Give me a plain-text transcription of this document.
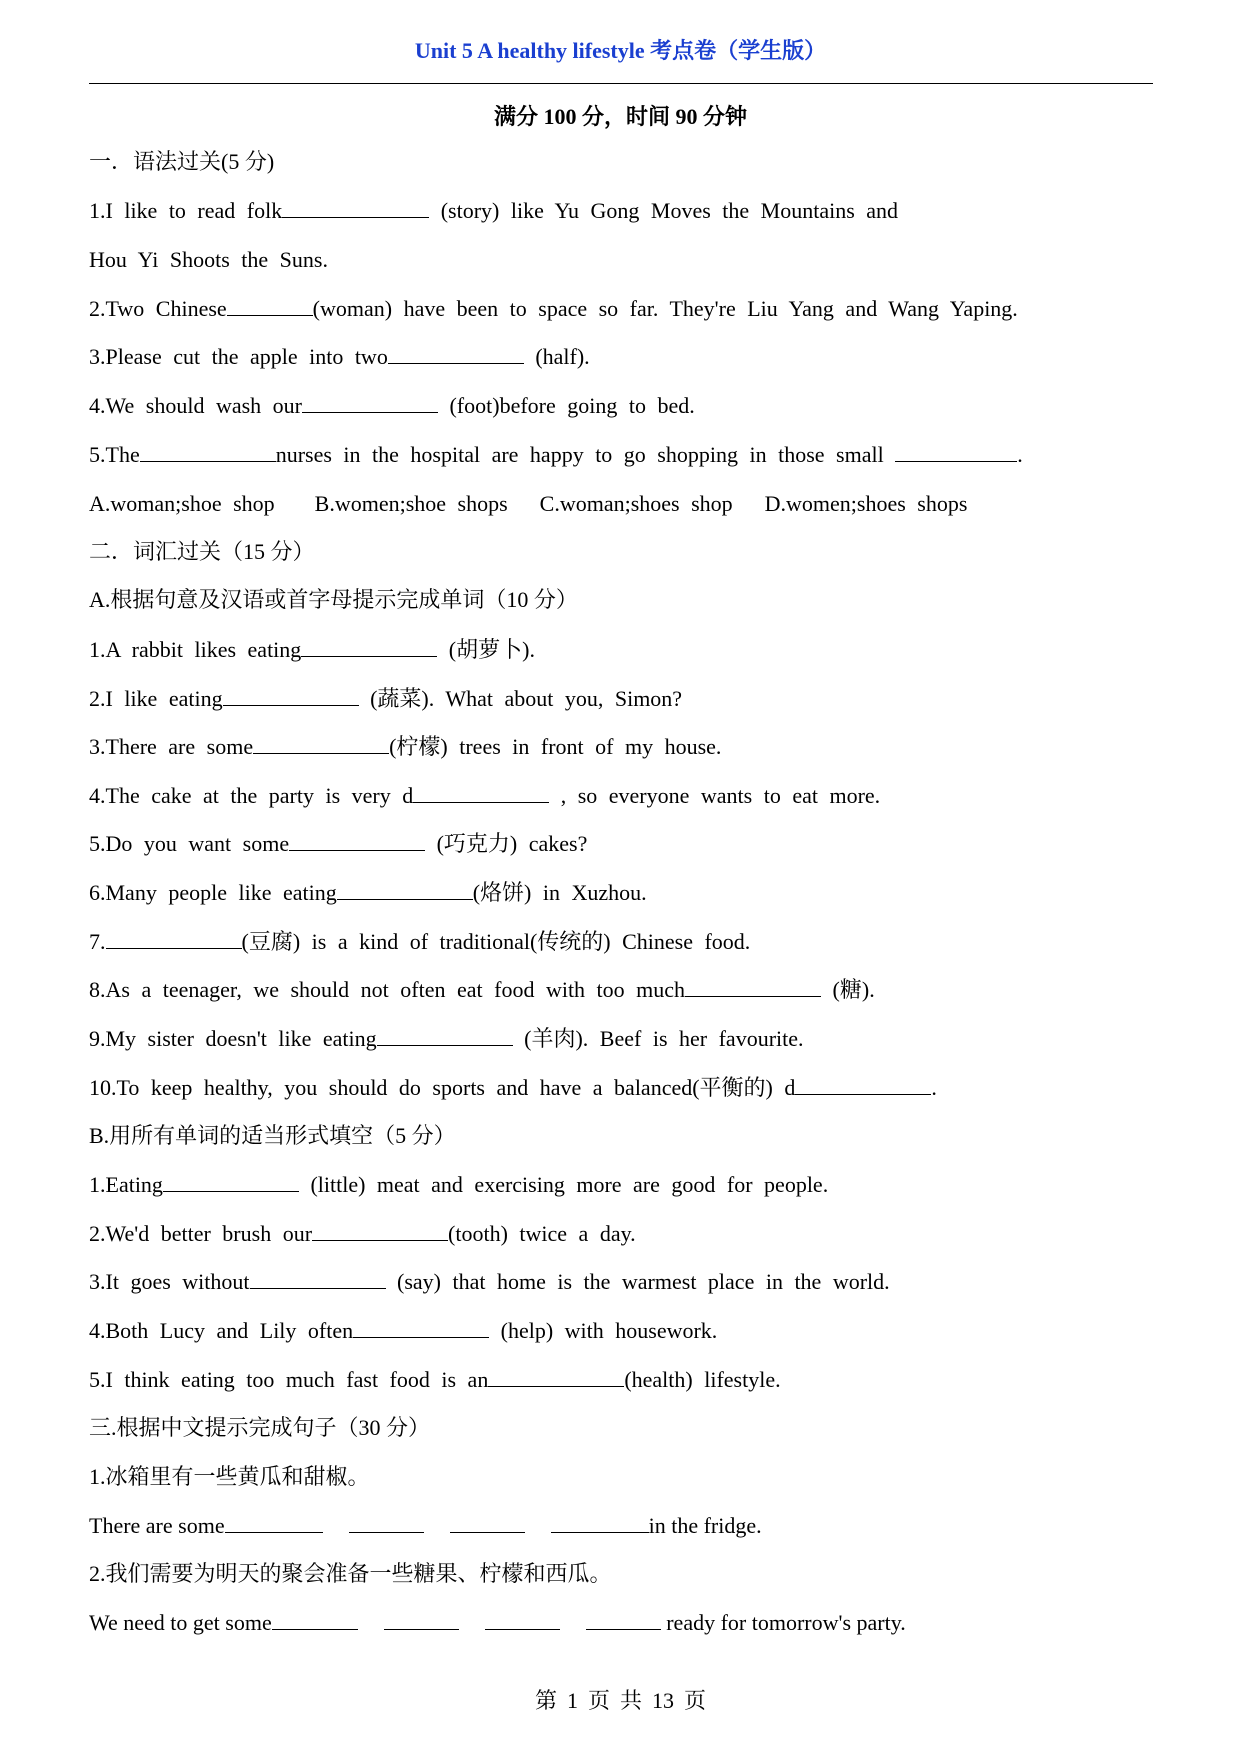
Unit 5 A healthy lifestyle 考点卷（学生版）
满分 100 分，时间 90 分钟
一．语法过关(5 分)
1.I like to read folk	(story) like Yu Gong Moves the Mountains and
Hou Yi Shoots the Suns.
2.Two Chinese	(woman) have been to space so far. They're Liu Yang and Wang Yaping.
3.Please cut the apple into two	(half).
4.We should wash our	(foot)before going to bed.
5.The	nurses in the hospital are happy to go shopping in those small	.
A.woman;shoe shop B.women;shoe shops C.woman;shoes shop D.women;shoes shops
二．词汇过关（15 分）
A.根据句意及汉语或首字母提示完成单词（10 分）
1.A rabbit likes eating	(胡萝卜).
2.I like eating	(蔬菜). What about you, Simon?
3.There are some	(柠檬) trees in front of my house.
4.The cake at the party is very d	, so everyone wants to eat more.
5.Do you want some	(巧克力) cakes?
6.Many people like eating	(烙饼) in Xuzhou.
7.	(豆腐) is a kind of traditional(传统的) Chinese food.
8.As a teenager, we should not often eat food with too much	(糖).
9.My sister doesn't like eating	(羊肉). Beef is her favourite.
10.To keep healthy, you should do sports and have a balanced(平衡的) d	.
B.用所有单词的适当形式填空（5 分）
1.Eating	(little) meat and exercising more are good for people.
2.We'd better brush our	(tooth) twice a day.
3.It goes without	(say) that home is the warmest place in the world.
4.Both Lucy and Lily often	(help) with housework.
5.I think eating too much fast food is an	(health) lifestyle.
三.根据中文提示完成句子（30 分）
1.冰箱里有一些黄瓜和甜椒。
There are some	in the fridge.
2.我们需要为明天的聚会准备一些糖果、柠檬和西瓜。
We need to get some	ready for tomorrow's party.
第 1 页 共 13 页
